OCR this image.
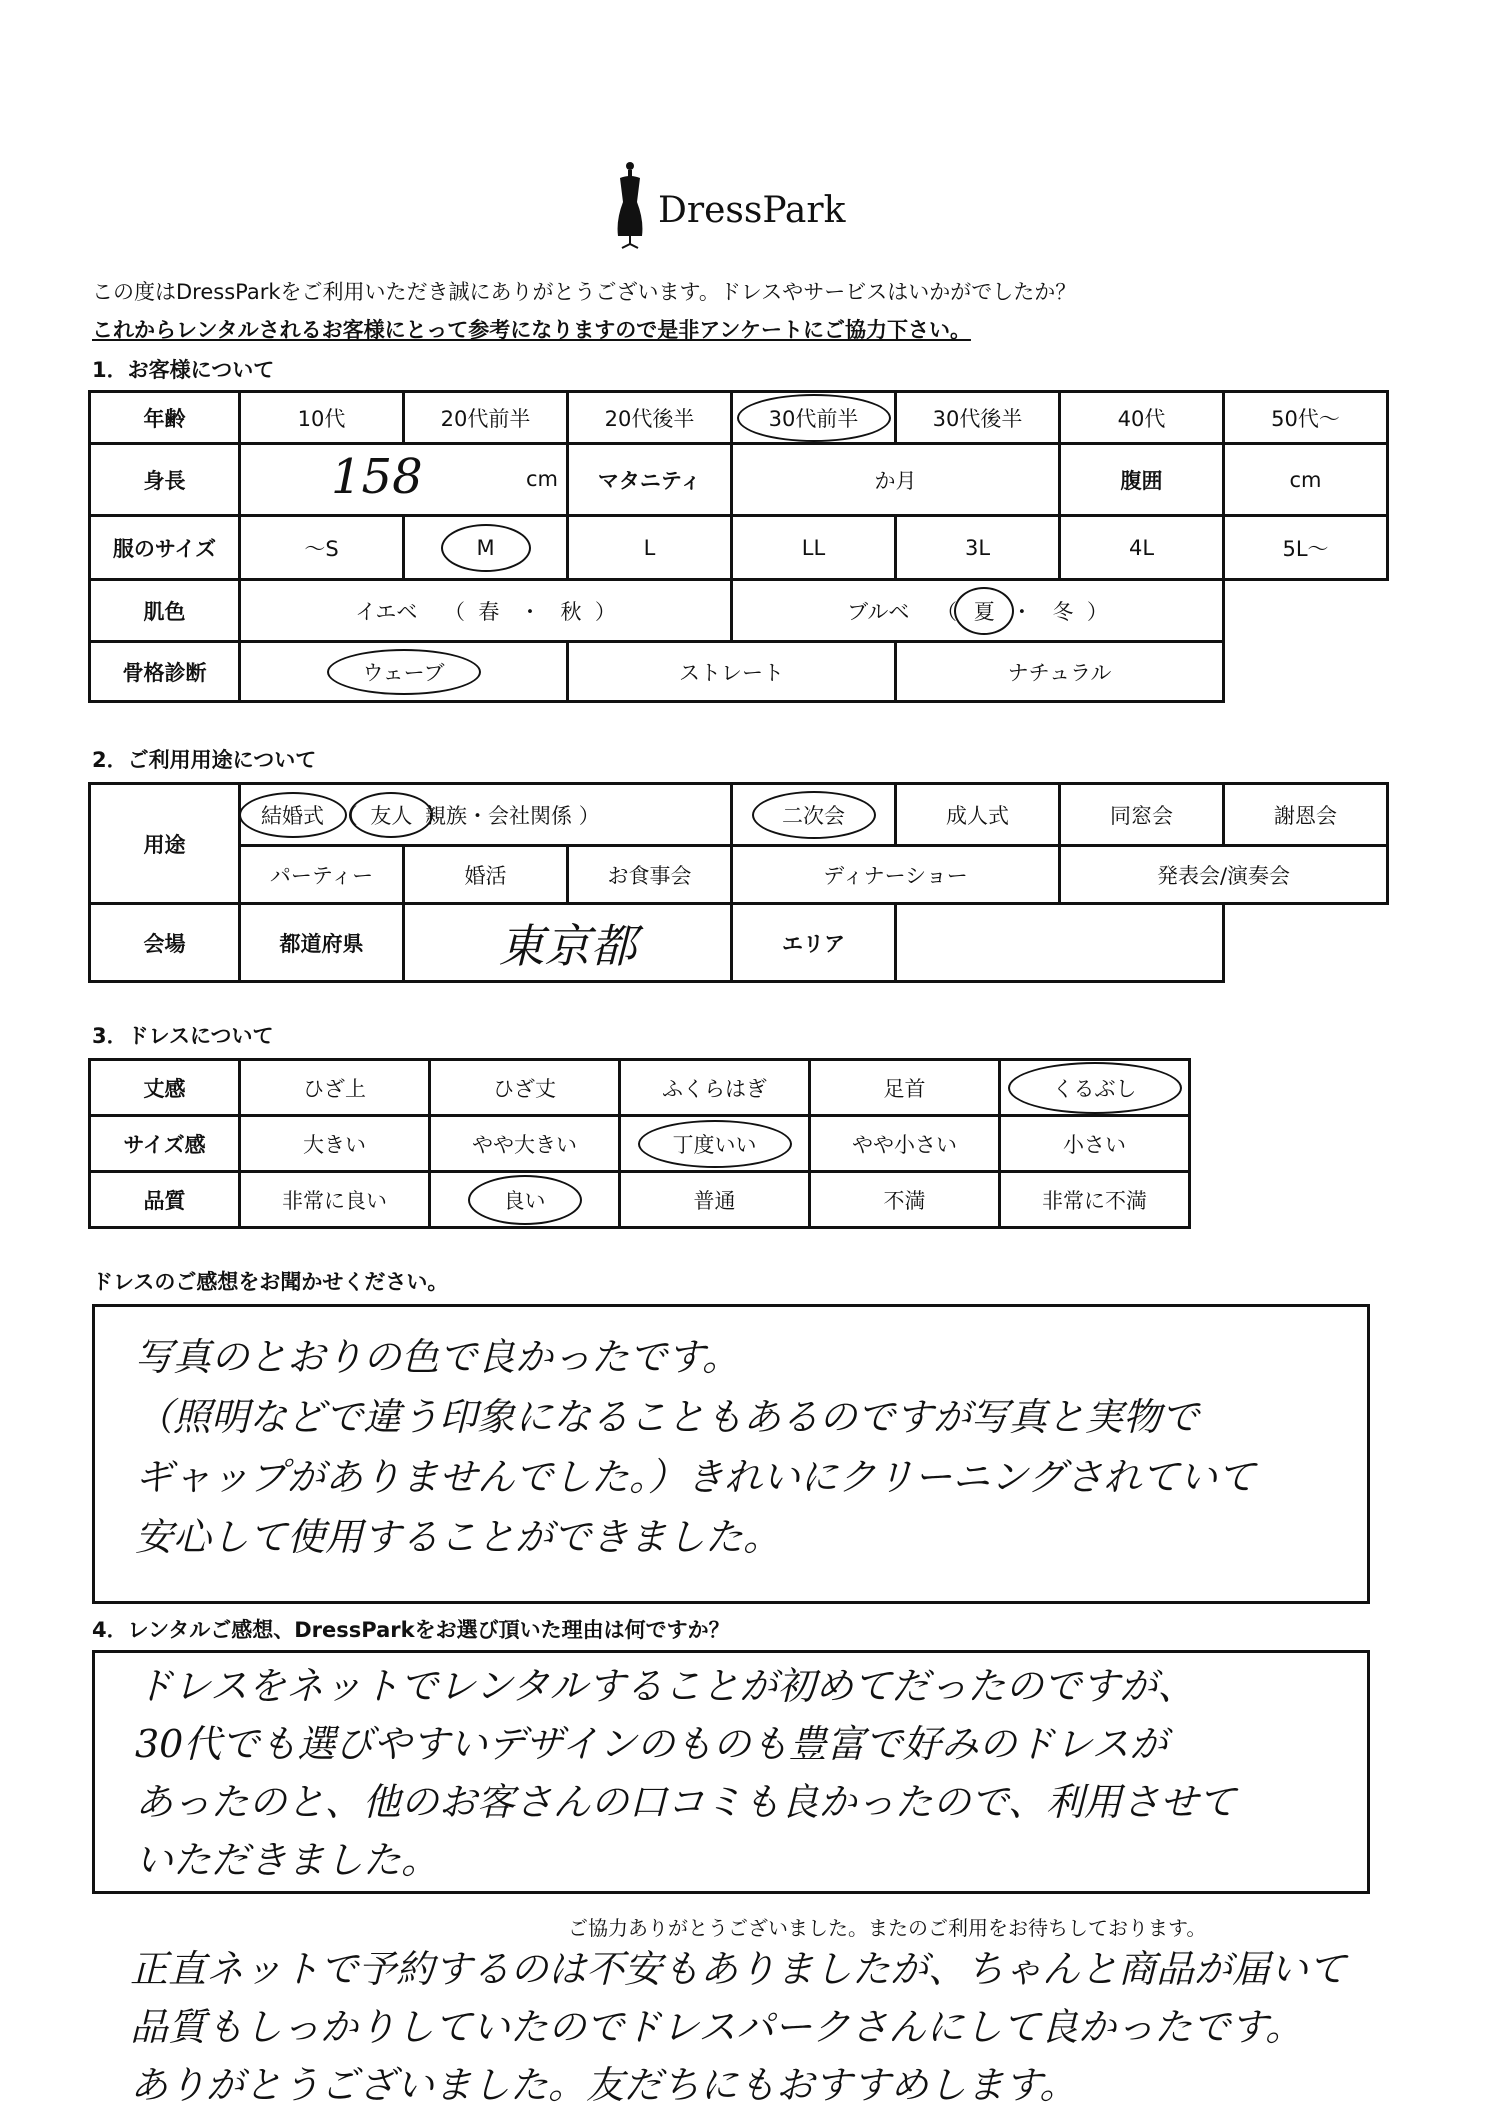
DressPark
この度はDressParkをご利用いただき誠にありがとうございます。ドレスやサービスはいかがでしたか？
これからレンタルされるお客様にとって参考になりますので是非アンケートにご協力下さい。
1．お客様について
年齢	10代	20代前半	20代後半	30代前半	30代後半	40代	50代～
身長	158 cm		マタニティ	か月		腹囲	cm
服のサイズ	～S	M	L	LL	3L	4L	5L～
肌色	イエベ （ 春 ・ 秋 ）			ブルベ （ 夏 ・ 冬 ）			
骨格診断	ウェーブ		ストレート		ナチュラル		
2．ご利用用途について
用途	結婚式 （ 友人 親族・会社関係 ）			二次会	成人式	同窓会	謝恩会
	パーティー	婚活	お食事会	ディナーショー		発表会/演奏会	
会場	都道府県	東京都		エリア			
3．ドレスについて
丈感	ひざ上	ひざ丈	ふくらはぎ	足首	くるぶし
サイズ感	大きい	やや大きい	丁度いい	やや小さい	小さい
品質	非常に良い	良い	普通	不満	非常に不満
ドレスのご感想をお聞かせください。
写真のとおりの色で良かったです。
（照明などで違う印象になることもあるのですが写真と実物で
ギャップがありませんでした。）きれいにクリーニングされていて
安心して使用することができました。
4．レンタルご感想、DressParkをお選び頂いた理由は何ですか？
ドレスをネットでレンタルすることが初めてだったのですが、
30代でも選びやすいデザインのものも豊富で好みのドレスが
あったのと、他のお客さんの口コミも良かったので、利用させて
いただきました。
ご協力ありがとうございました。またのご利用をお待ちしております。
正直ネットで予約するのは不安もありましたが、ちゃんと商品が届いて
品質もしっかりしていたのでドレスパークさんにして良かったです。
ありがとうございました。友だちにもおすすめします。
